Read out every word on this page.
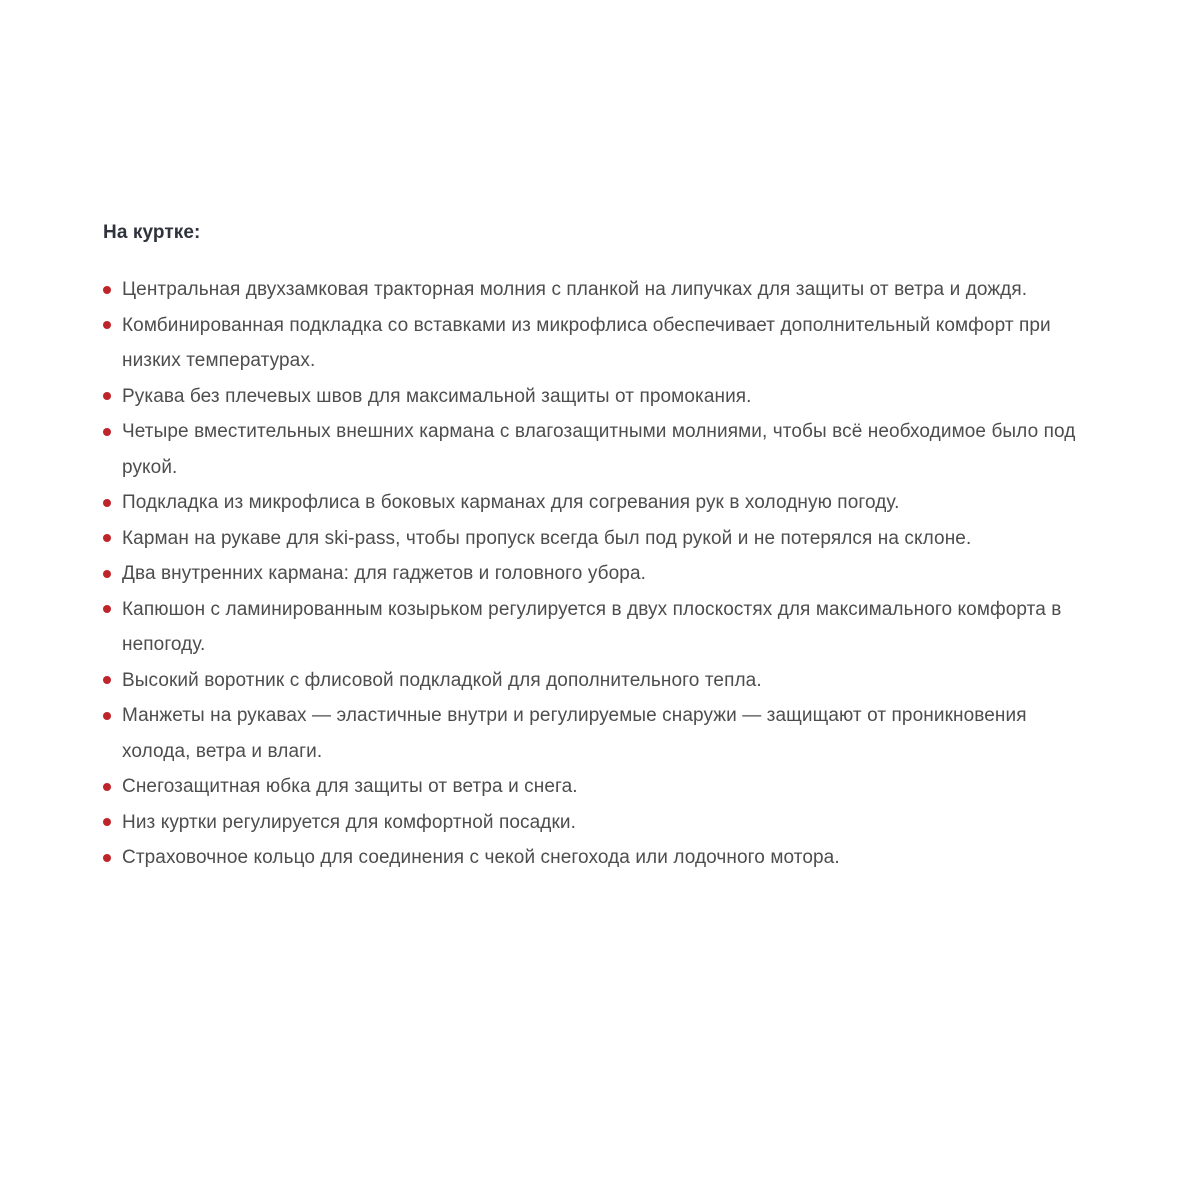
На куртке:
Центральная двухзамковая тракторная молния с планкой на липучках для защиты от ветра и дождя.
Комбинированная подкладка со вставками из микрофлиса обеспечивает дополнительный комфорт при низких температурах.
Рукава без плечевых швов для максимальной защиты от промокания.
Четыре вместительных внешних кармана с влагозащитными молниями, чтобы всё необходимое было под рукой.
Подкладка из микрофлиса в боковых карманах для согревания рук в холодную погоду.
Карман на рукаве для ski-pass, чтобы пропуск всегда был под рукой и не потерялся на склоне.
Два внутренних кармана: для гаджетов и головного убора.
Капюшон с ламинированным козырьком регулируется в двух плоскостях для максимального комфорта в непогоду.
Высокий воротник с флисовой подкладкой для дополнительного тепла.
Манжеты на рукавах — эластичные внутри и регулируемые снаружи — защищают от проникновения холода, ветра и влаги.
Снегозащитная юбка для защиты от ветра и снега.
Низ куртки регулируется для комфортной посадки.
Страховочное кольцо для соединения с чекой снегохода или лодочного мотора.
